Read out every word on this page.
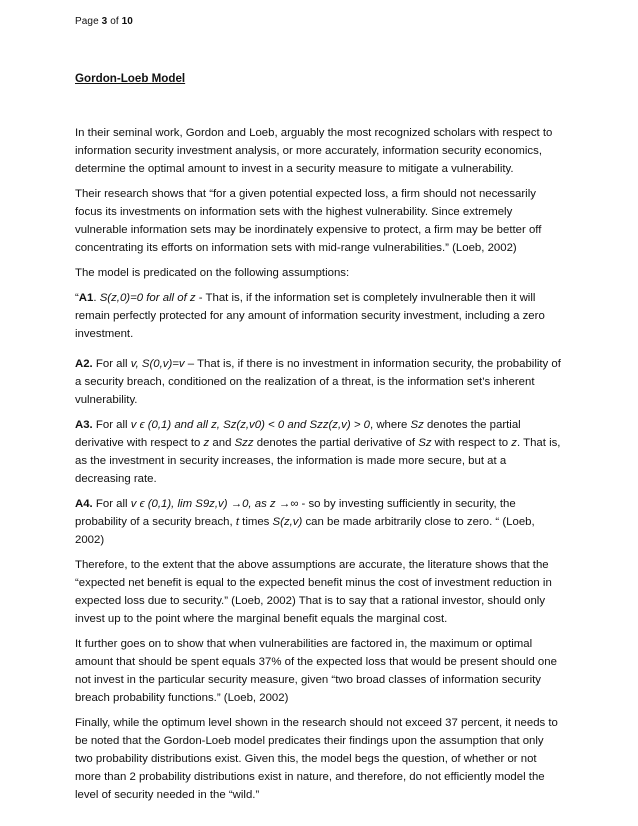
Page 3 of 10
Gordon-Loeb Model

In their seminal work, Gordon and Loeb, arguably the most recognized scholars with respect to information security investment analysis, or more accurately, information security economics, determine the optimal amount to invest in a security measure to mitigate a vulnerability.

Their research shows that “for a given potential expected loss, a firm should not necessarily focus its investments on information sets with the highest vulnerability. Since extremely vulnerable information sets may be inordinately expensive to protect, a firm may be better off concentrating its efforts on information sets with mid-range vulnerabilities.” (Loeb, 2002)

The model is predicated on the following assumptions:

“A1. S(z,0)=0 for all of z - That is, if the information set is completely invulnerable then it will remain perfectly protected for any amount of information security investment, including a zero investment.

A2. For all v, S(0,v)=v – That is, if there is no investment in information security, the probability of a security breach, conditioned on the realization of a threat, is the information set’s inherent vulnerability.

A3. For all v ϵ (0,1) and all z, Sz(z,v0) < 0 and Szz(z,v) > 0, where Sz denotes the partial derivative with respect to z and Szz denotes the partial derivative of Sz with respect to z. That is, as the investment in security increases, the information is made more secure, but at a decreasing rate.

A4. For all v ϵ (0,1), lim S9z,v) →0, as z →∞ - so by investing sufficiently in security, the probability of a security breach, t times S(z,v) can be made arbitrarily close to zero. “ (Loeb, 2002)

Therefore, to the extent that the above assumptions are accurate, the literature shows that the “expected net benefit is equal to the expected benefit minus the cost of investment reduction in expected loss due to security.” (Loeb, 2002) That is to say that a rational investor, should only invest up to the point where the marginal benefit equals the marginal cost.

It further goes on to show that when vulnerabilities are factored in, the maximum or optimal amount that should be spent equals 37% of the expected loss that would be present should one not invest in the particular security measure, given “two broad classes of information security breach probability functions.” (Loeb, 2002)

Finally, while the optimum level shown in the research should not exceed 37 percent, it needs to be noted that the Gordon-Loeb model predicates their findings upon the assumption that only two probability distributions exist. Given this, the model begs the question, of whether or not more than 2 probability distributions exist in nature, and therefore, do not efficiently model the level of security needed in the “wild.”
